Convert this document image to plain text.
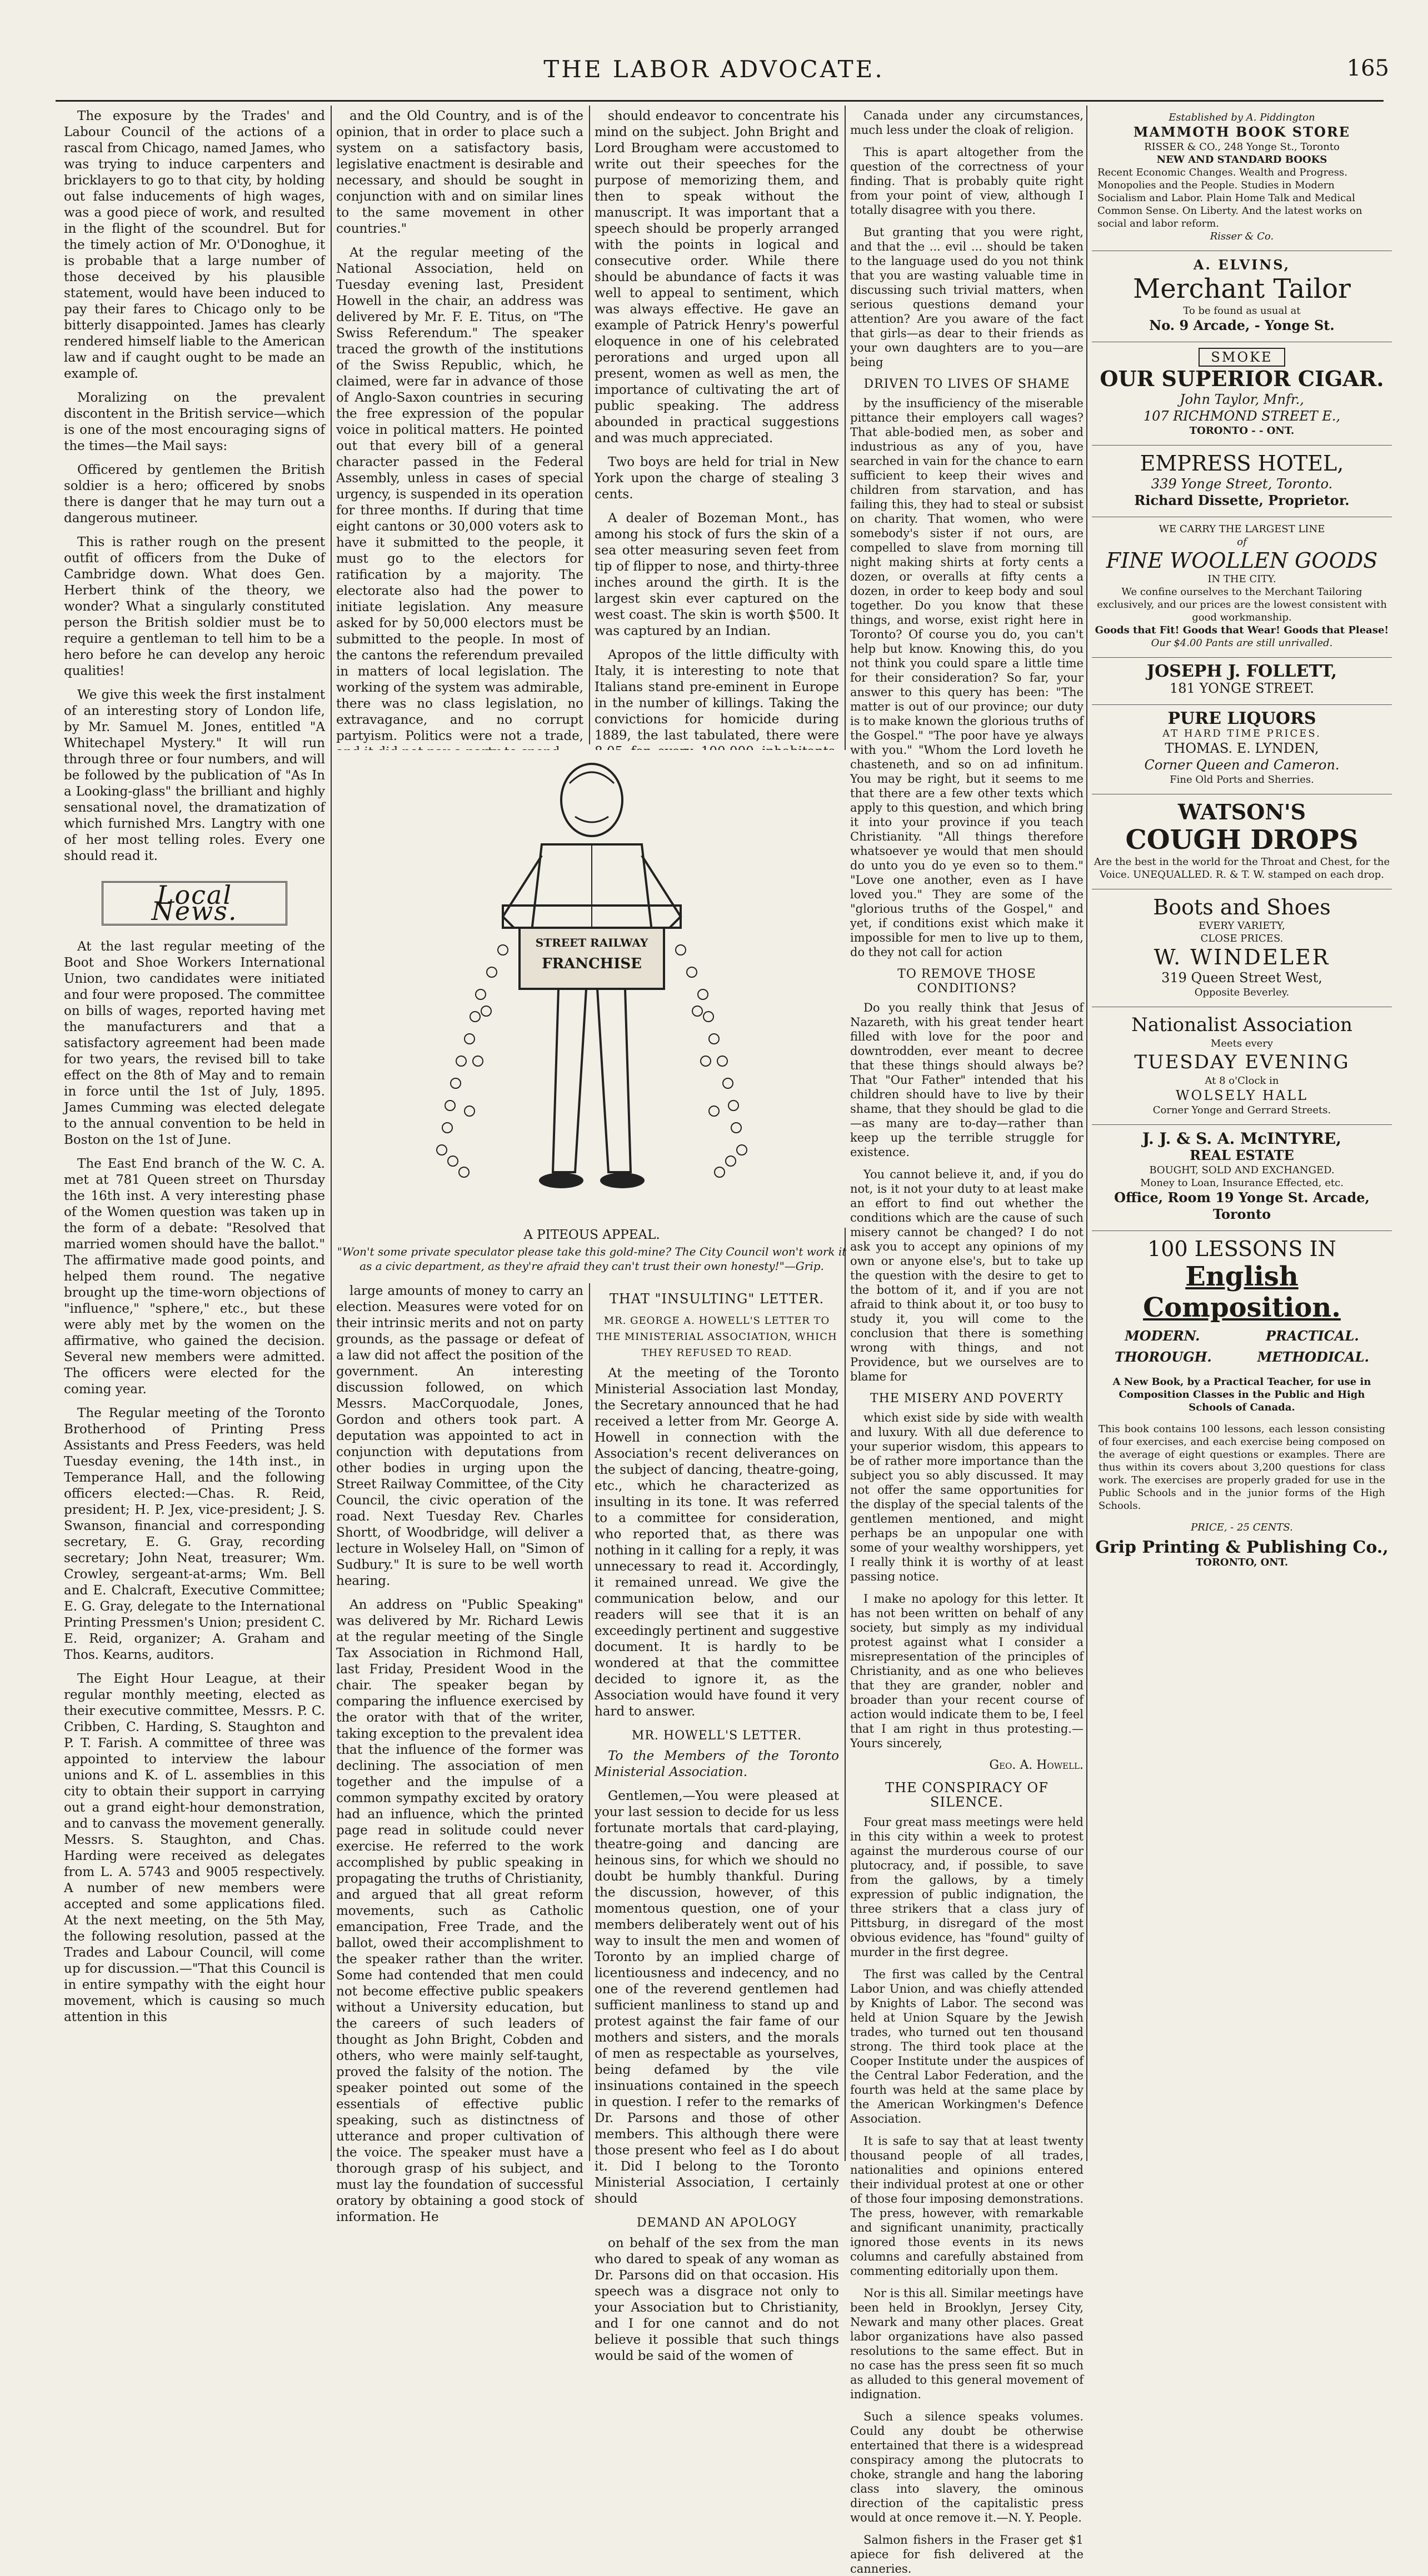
THE LABOR ADVOCATE.	165

The exposure by the Trades' and Labour Council of the actions of a rascal from Chicago, named James, who was trying to induce carpenters and bricklayers to go to that city, by holding out false inducements of high wages, was a good piece of work, and resulted in the flight of the scoundrel. But for the timely action of Mr. O'Donoghue, it is probable that a large number of those deceived by his plausible statement, would have been induced to pay their fares to Chicago only to be bitterly disappointed. James has clearly rendered himself liable to the American law and if caught ought to be made an example of.

Moralizing on the prevalent discontent in the British service—which is one of the most encouraging signs of the times—the Mail says:

Officered by gentlemen the British soldier is a hero; officered by snobs there is danger that he may turn out a dangerous mutineer.

This is rather rough on the present outfit of officers from the Duke of Cambridge down. What does Gen. Herbert think of the theory, we wonder? What a singularly constituted person the British soldier must be to require a gentleman to tell him to be a hero before he can develop any heroic qualities!

We give this week the first instalment of an interesting story of London life, by Mr. Samuel M. Jones, entitled "A Whitechapel Mystery." It will run through three or four numbers, and will be followed by the publication of "As In a Looking-glass" the brilliant and highly sensational novel, the dramatization of which furnished Mrs. Langtry with one of her most telling roles. Every one should read it.

Local News.

At the last regular meeting of the Boot and Shoe Workers International Union, two candidates were initiated and four were proposed. The committee on bills of wages, reported having met the manufacturers and that a satisfactory agreement had been made for two years, the revised bill to take effect on the 8th of May and to remain in force until the 1st of July, 1895. James Cumming was elected delegate to the annual convention to be held in Boston on the 1st of June.

The East End branch of the W. C. A. met at 781 Queen street on Thursday the 16th inst. A very interesting phase of the Women question was taken up in the form of a debate: "Resolved that married women should have the ballot." The affirmative made good points, and helped them round. The negative brought up the time-worn objections of "influence," "sphere," etc., but these were ably met by the women on the affirmative, who gained the decision. Several new members were admitted. The officers were elected for the coming year.

The Regular meeting of the Toronto Brotherhood of Printing Press Assistants and Press Feeders, was held Tuesday evening, the 14th inst., in Temperance Hall, and the following officers elected:—Chas. R. Reid, president; H. P. Jex, vice-president; J. S. Swanson, financial and corresponding secretary, E. G. Gray, recording secretary; John Neat, treasurer; Wm. Crowley, sergeant-at-arms; Wm. Bell and E. Chalcraft, Executive Committee; E. G. Gray, delegate to the International Printing Pressmen's Union; president C. E. Reid, organizer; A. Graham and Thos. Kearns, auditors.

The Eight Hour League, at their regular monthly meeting, elected as their executive committee, Messrs. P. C. Cribben, C. Harding, S. Staughton and P. T. Farish. A committee of three was appointed to interview the labour unions and K. of L. assemblies in this city to obtain their support in carrying out a grand eight-hour demonstration, and to canvass the movement generally. Messrs. S. Staughton, and Chas. Harding were received as delegates from L. A. 5743 and 9005 respectively. A number of new members were accepted and some applications filed. At the next meeting, on the 5th May, the following resolution, passed at the Trades and Labour Council, will come up for discussion.—"That this Council is in entire sympathy with the eight hour movement, which is causing so much attention in this

and the Old Country, and is of the opinion, that in order to place such a system on a satisfactory basis, legislative enactment is desirable and necessary, and should be sought in conjunction with and on similar lines to the same movement in other countries."

At the regular meeting of the National Association, held on Tuesday evening last, President Howell in the chair, an address was delivered by Mr. F. E. Titus, on "The Swiss Referendum." The speaker traced the growth of the institutions of the Swiss Republic, which, he claimed, were far in advance of those of Anglo-Saxon countries in securing the free expression of the popular voice in political matters. He pointed out that every bill of a general character passed in the Federal Assembly, unless in cases of special urgency, is suspended in its operation for three months. If during that time eight cantons or 30,000 voters ask to have it submitted to the people, it must go to the electors for ratification by a majority. The electorate also had the power to initiate legislation. Any measure asked for by 50,000 electors must be submitted to the people. In most of the cantons the referendum prevailed in matters of local legislation. The working of the system was admirable, there was no class legislation, no extravagance, and no corrupt partyism. Politics were not a trade,

should endeavor to concentrate his mind on the subject. John Bright and Lord Brougham were accustomed to write out their speeches for the purpose of memorizing them, and then to speak without the manuscript. It was important that a speech should be properly arranged with the points in logical and consecutive order. While there should be abundance of facts it was well to appeal to sentiment, which was always effective. He gave an example of Patrick Henry's powerful eloquence in one of his celebrated perorations and urged upon all present, women as well as men, the importance of cultivating the art of public speaking. The address abounded in practical suggestions and was much appreciated.

Two boys are held for trial in New York upon the charge of stealing 3 cents.

A dealer of Bozeman Mont., has among his stock of furs the skin of a sea otter measuring seven feet from tip of flipper to nose, and thirty-three inches around the girth. It is the largest skin ever captured on the west coast. The skin is worth $500. It was captured by an Indian.

Apropos of the little difficulty with Italy, it is interesting to note that Italians stand pre-eminent in Europe in the number of killings. Taking the convictions for homicide during 1889, the last tabulated, there were

STREET RAILWAY
FRANCHISE
A PITEOUS APPEAL.
"Won't some private speculator please take this gold-mine? The City Council won't work it as a civic department, as they're afraid they can't trust their own honesty!"—Grip.

large amounts of money to carry an election. Measures were voted for on their intrinsic merits and not on party grounds, as the passage or defeat of a law did not affect the position of the government. An interesting discussion followed, on which Messrs. MacCorquodale, Jones, Gordon and others took part. A deputation was appointed to act in conjunction with deputations from other bodies in urging upon the Street Railway Committee, of the City Council, the civic operation of the road. Next Tuesday Rev. Charles Shortt, of Woodbridge, will deliver a lecture in Wolseley Hall, on "Simon of Sudbury." It is sure to be well worth hearing.

An address on "Public Speaking" was delivered by Mr. Richard Lewis at the regular meeting of the Single Tax Association in Richmond Hall, last Friday, President Wood in the chair. The speaker began by comparing the influence exercised by the orator with that of the writer, taking exception to the prevalent idea that the influence of the former was declining. The association of men together and the impulse of a common sympathy excited by oratory had an influence, which the printed page read in solitude could never exercise. He referred to the work accomplished by public speaking in propagating the truths of Christianity, and argued that all great reform movements, such as Catholic emancipation, Free Trade, and the ballot, owed their accomplishment to the speaker rather than the writer. Some had contended that men could not become effective public speakers without a University education, but the careers of such leaders of thought as John Bright, Cobden and others, who were mainly self-taught, proved the falsity of the notion. The speaker pointed out some of the essentials of effective public speaking, such as distinctness of utterance and proper cultivation of the voice. The speaker must have a thorough grasp of his subject, and must lay the foundation of successful oratory by obtaining a good stock of information. He

THAT "INSULTING" LETTER.
MR. GEORGE A. HOWELL'S LETTER TO THE MINISTERIAL ASSOCIATION, WHICH THEY REFUSED TO READ.

At the meeting of the Toronto Ministerial Association last Monday, the Secretary announced that he had received a letter from Mr. George A. Howell in connection with the Association's recent deliverances on the subject of dancing, theatre-going, etc., which he characterized as insulting in its tone. It was referred to a committee for consideration, who reported that, as there was nothing in it calling for a reply, it was unnecessary to read it. Accordingly, it remained unread. We give the communication below, and our readers will see that it is an exceedingly pertinent and suggestive document. It is hardly to be wondered at that the committee decided to ignore it, as the Association would have found it very hard to answer.

MR. HOWELL'S LETTER.

To the Members of the Toronto Ministerial Association.

Gentlemen,—You were pleased at your last session to decide for us less fortunate mortals that card-playing, theatre-going and dancing are heinous sins, for which we should no doubt be humbly thankful. During the discussion, however, of this momentous question, one of your members deliberately went out of his way to insult the men and women of Toronto by an implied charge of licentiousness and indecency, and no one of the reverend gentlemen had sufficient manliness to stand up and protest against the fair fame of our mothers and sisters, and the morals of men as respectable as yourselves, being defamed by the vile insinuations contained in the speech in question. I refer to the remarks of Dr. Parsons and those of other members. This although there were those present who feel as I do about it. Did I belong to the Toronto Ministerial Association, I certainly should

DEMAND AN APOLOGY

on behalf of the sex from the man who dared to speak of any woman as Dr. Parsons did on that occasion. His speech was a disgrace not only to your Association but to Christianity, and I for one cannot and do not believe it possible that such things would be said of the women of

Canada under any circumstances, much less under the cloak of religion.

This is apart altogether from the question of the correctness of your finding. That is probably quite right from your point of view, although I totally disagree with you there.

But granting that you were right, and that the ... evil ... should be taken to the language used do you not think that you are wasting valuable time in discussing such trivial matters, when serious questions demand your attention? Are you aware of the fact that girls—as dear to their friends as your own daughters are to you—are being

DRIVEN TO LIVES OF SHAME

by the insufficiency of the miserable pittance their employers call wages? That able-bodied men, as sober and industrious as any of you, have searched in vain for the chance to earn sufficient to keep their wives and children from starvation, and has failing this, they had to steal or subsist on charity. That women, who were somebody's sister if not ours, are compelled to slave from morning till night making shirts at forty cents a dozen, or overalls at fifty cents a dozen, in order to keep body and soul together. Do you know that these things, and worse, exist right here in Toronto? Of course you do, you can't help but know. Knowing this, do you not think you could spare a little time for their consideration? So far, your answer to this query has been: "The matter is out of our province; our duty is to make known the glorious truths of the Gospel." "The poor have ye always with you." "Whom the Lord loveth he chasteneth, and so on ad infinitum. You may be right, but it seems to me that there are a few other texts which apply to this question, and which bring it into your province if you teach Christianity. "All things therefore whatsoever ye would that men should do unto you do ye even so to them." "Love one another, even as I have loved you." They are some of the "glorious truths of the Gospel," and yet, if conditions exist which make it impossible for men to live up to them, do they not call for action

TO REMOVE THOSE CONDITIONS?

Do you really think that Jesus of Nazareth, with his great tender heart filled with love for the poor and downtrodden, ever meant to decree that these things should always be? That "Our Father" intended that his children should have to live by their shame, that they should be glad to die—as many are to-day—rather than keep up the terrible struggle for existence.

You cannot believe it, and, if you do not, is it not your duty to at least make an effort to find out whether the conditions which are the cause of such misery cannot be changed? I do not ask you to accept any opinions of my own or anyone else's, but to take up the question with the desire to get to the bottom of it, and if you are not afraid to think about it, or too busy to study it, you will come to the conclusion that there is something wrong with things, and not Providence, but we ourselves are to blame for

THE MISERY AND POVERTY

which exist side by side with wealth and luxury. With all due deference to your superior wisdom, this appears to be of rather more importance than the subject you so ably discussed. It may not offer the same opportunities for the display of the special talents of the gentlemen mentioned, and might perhaps be an unpopular one with some of your wealthy worshippers, yet I really think it is worthy of at least passing notice.

I make no apology for this letter. It has not been written on behalf of any society, but simply as my individual protest against what I consider a misrepresentation of the principles of Christianity, and as one who believes that they are grander, nobler and broader than your recent course of action would indicate them to be, I feel that I am right in thus protesting.—Yours sincerely,

Geo. A. Howell.
THE CONSPIRACY OF SILENCE.

Four great mass meetings were held in this city within a week to protest against the murderous course of our plutocracy, and, if possible, to save from the gallows, by a timely expression of public indignation, the three strikers that a class jury of Pittsburg, in disregard of the most obvious evidence, has "found" guilty of murder in the first degree.

The first was called by the Central Labor Union, and was chiefly attended by Knights of Labor. The second was held at Union Square by the Jewish trades, who turned out ten thousand strong. The third took place at the Cooper Institute under the auspices of the Central Labor Federation, and the fourth was held at the same place by the American Workingmen's Defence Association.

It is safe to say that at least twenty thousand people of all trades, nationalities and opinions entered their individual protest at one or other of those four imposing demonstrations. The press, however, with remarkable and significant unanimity, practically ignored those events in its news columns and carefully abstained from commenting editorially upon them.

Nor is this all. Similar meetings have been held in Brooklyn, Jersey City, Newark and many other places. Great labor organizations have also passed resolutions to the same effect. But in no case has the press seen fit so much as alluded to this general movement of indignation.

Such a silence speaks volumes. Could any doubt be otherwise entertained that there is a widespread conspiracy among the plutocrats to choke, strangle and hang the laboring class into slavery, the ominous direction of the capitalistic press would at once remove it.—N. Y. People.

Salmon fishers in the Fraser get $1 apiece for fish delivered at the canneries.

Established by A. Piddington
MAMMOTH BOOK STORE
RISSER & CO., 248 Yonge St., Toronto
NEW AND STANDARD BOOKS
Recent Economic Changes. Wealth and Progress. Monopolies and the People. Studies in Modern Socialism and Labor. Plain Home Talk and Medical Common Sense. On Liberty. And the latest works on social and labor reform.
Risser & Co.
A. ELVINS,
Merchant Tailor
To be found as usual at
No. 9 Arcade, - Yonge St.
SMOKE
OUR SUPERIOR CIGAR.
John Taylor, Mnfr.,
107 RICHMOND STREET E.,
TORONTO - - ONT.
EMPRESS HOTEL,
339 Yonge Street, Toronto.
Richard Dissette, Proprietor.
WE CARRY THE LARGEST LINE
of
FINE WOOLLEN GOODS
IN THE CITY.
We confine ourselves to the Merchant Tailoring exclusively, and our prices are the lowest consistent with good workmanship.
Goods that Fit! Goods that Wear! Goods that Please!
Our $4.00 Pants are still unrivalled.
JOSEPH J. FOLLETT,
181 YONGE STREET.
PURE LIQUORS
AT HARD TIME PRICES.
THOMAS. E. LYNDEN,
Corner Queen and Cameron.
Fine Old Ports and Sherries.
WATSON'S
COUGH DROPS
Are the best in the world for the Throat and Chest, for the Voice. UNEQUALLED. R. & T. W. stamped on each drop.
Boots and Shoes
EVERY VARIETY,
CLOSE PRICES.
W. WINDELER
319 Queen Street West,
Opposite Beverley.
Nationalist Association
Meets every
TUESDAY EVENING
At 8 o'Clock in
WOLSELY HALL
Corner Yonge and Gerrard Streets.
J. J. & S. A. McINTYRE,
REAL ESTATE
BOUGHT, SOLD AND EXCHANGED.
Money to Loan, Insurance Effected, etc.
Office, Room 19 Yonge St. Arcade, Toronto
100 LESSONS IN
English Composition.
MODERN.	PRACTICAL.
THOROUGH.	METHODICAL.
A New Book, by a Practical Teacher, for use in Composition Classes in the Public and High Schools of Canada.
This book contains 100 lessons, each lesson consisting of four exercises, and each exercise being composed on the average of eight questions or examples. There are thus within its covers about 3,200 questions for class work. The exercises are properly graded for use in the Public Schools and in the junior forms of the High Schools.
PRICE, - 25 CENTS.
Grip Printing & Publishing Co.,
TORONTO, ONT.
